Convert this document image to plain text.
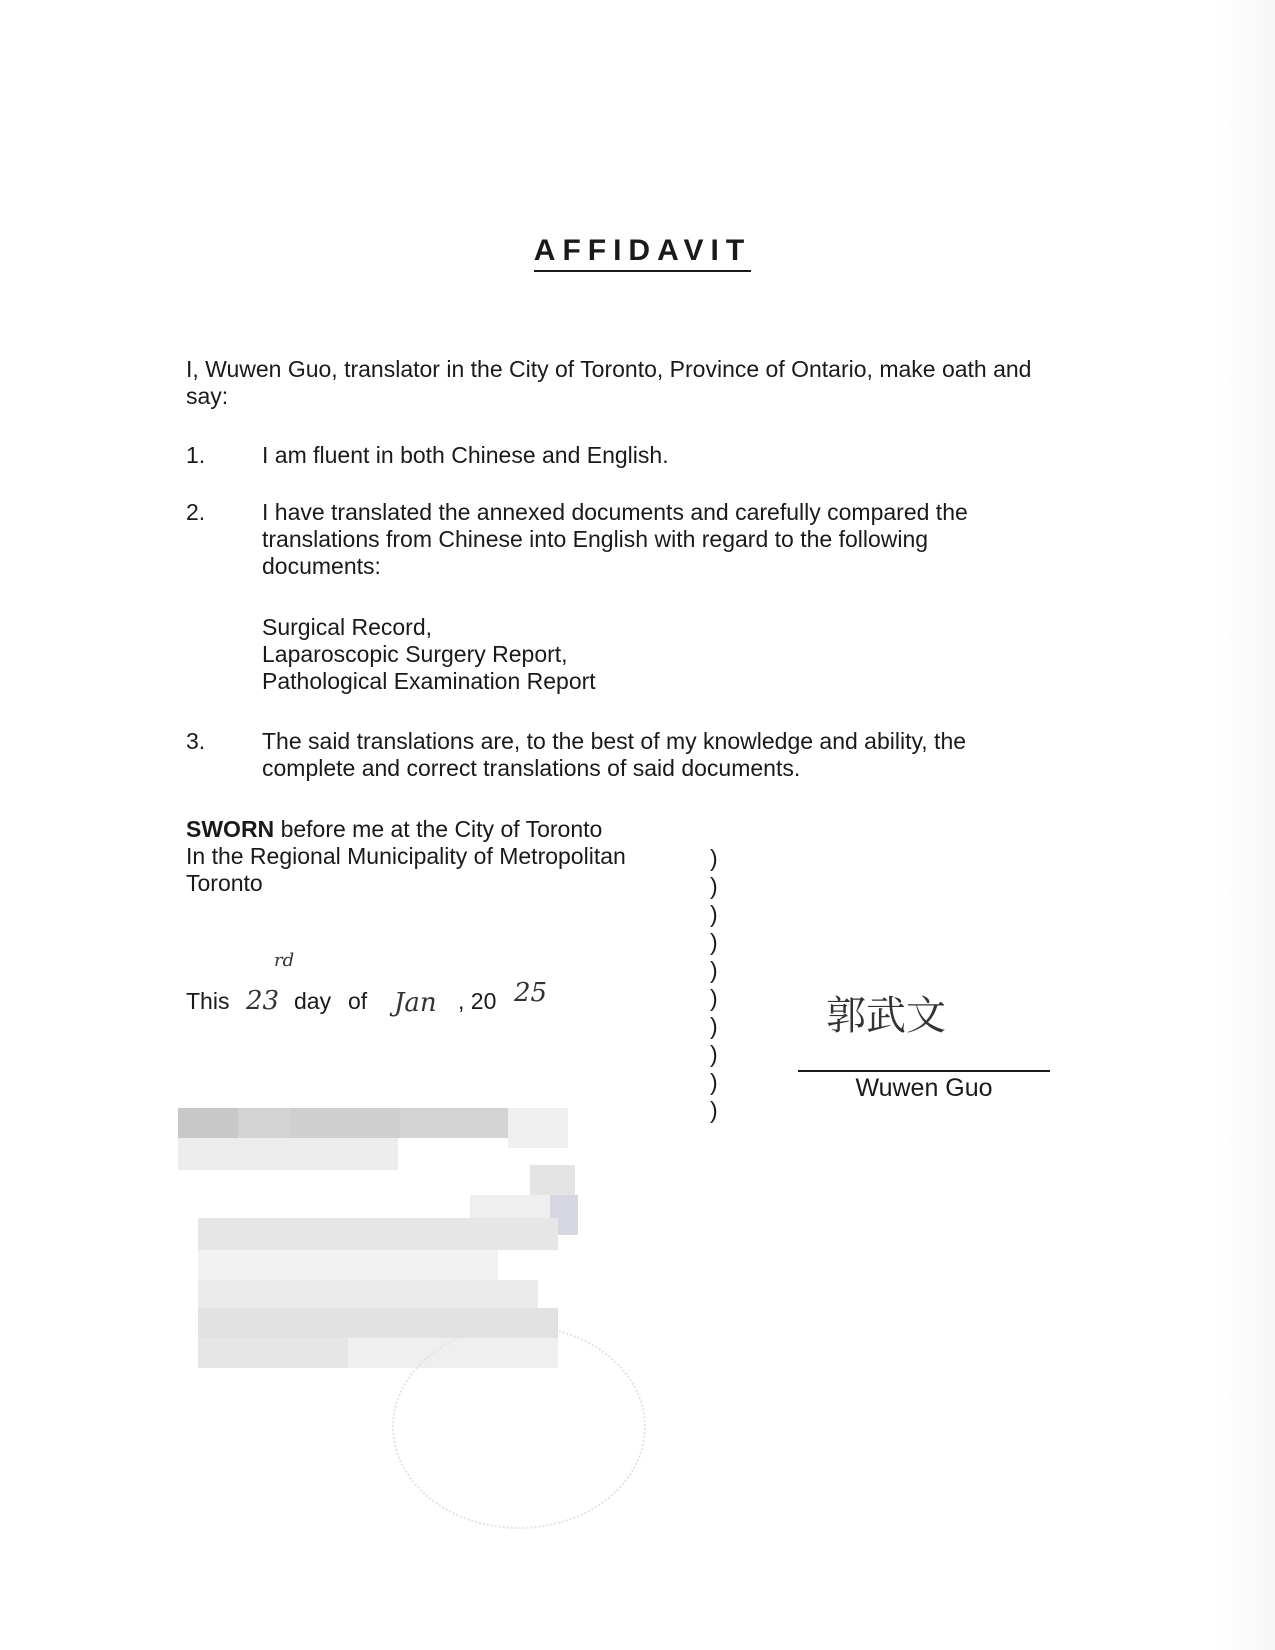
AFFIDAVIT
I, Wuwen Guo, translator in the City of Toronto, Province of Ontario, make oath and say:
1. I am fluent in both Chinese and English.
2. I have translated the annexed documents and carefully compared the translations from Chinese into English with regard to the following documents:
Surgical Record,
Laparoscopic Surgery Report,
Pathological Examination Report
3. The said translations are, to the best of my knowledge and ability, the complete and correct translations of said documents.
SWORN before me at the City of Toronto
In the Regional Municipality of Metropolitan
Toronto
)
)
)
)
)
)
)
)
)
)
This 23
rd
day of Jan , 20 25	郭武文
Wuwen Guo
